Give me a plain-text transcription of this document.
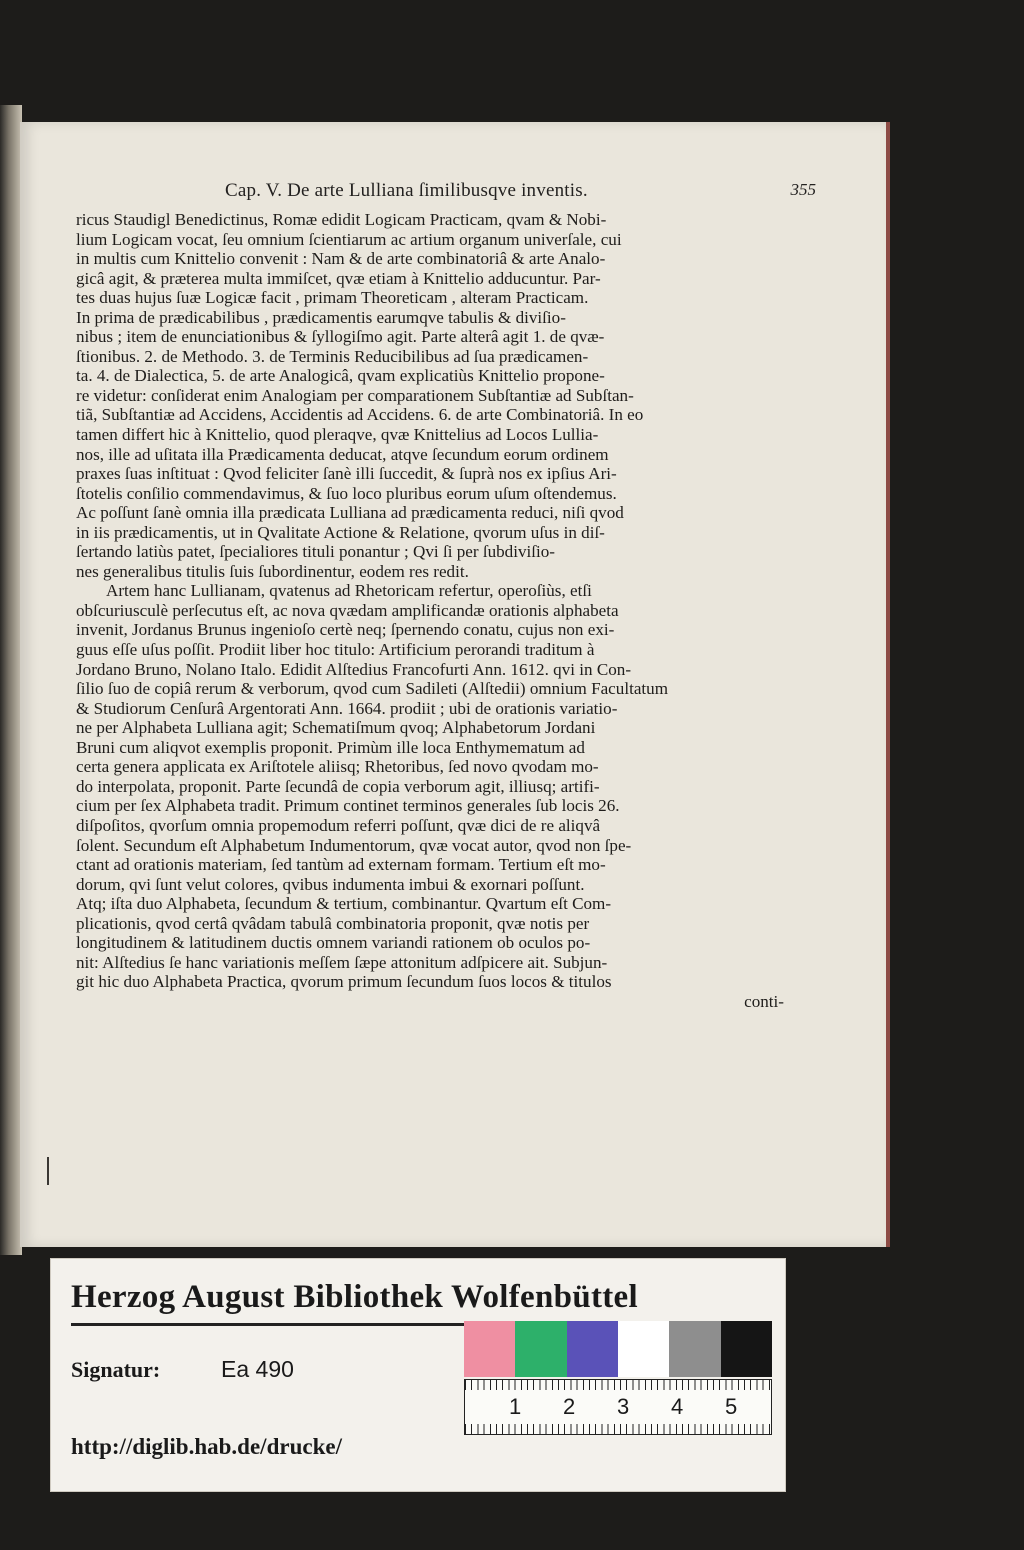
Cap. V. De arte Lulliana ſimilibusqve inventis.	355
ricus Staudigl Benedictinus, Romæ edidit Logicam Practicam, qvam & Nobi-
lium Logicam vocat, ſeu omnium ſcientiarum ac artium organum univerſale, cui
in multis cum Knittelio convenit : Nam & de arte combinatoriâ & arte Analo-
gicâ agit, & præterea multa immiſcet, qvæ etiam à Knittelio adducuntur. Par-
tes duas hujus ſuæ Logicæ facit , primam Theoreticam , alteram Practicam.
In prima de prædicabilibus , prædicamentis earumqve tabulis & diviſio-
nibus ; item de enunciationibus & ſyllogiſmo agit. Parte alterâ agit 1. de qvæ-
ſtionibus. 2. de Methodo. 3. de Terminis Reducibilibus ad ſua prædicamen-
ta. 4. de Dialectica, 5. de arte Analogicâ, qvam explicatiùs Knittelio propone-
re videtur: conſiderat enim Analogiam per comparationem Subſtantiæ ad Subſtan-
tiã, Subſtantiæ ad Accidens, Accidentis ad Accidens. 6. de arte Combinatoriâ. In eo
tamen differt hic à Knittelio, quod pleraqve, qvæ Knittelius ad Locos Lullia-
nos, ille ad uſitata illa Prædicamenta deducat, atqve ſecundum eorum ordinem
praxes ſuas inſtituat : Qvod feliciter ſanè illi ſuccedit, & ſuprà nos ex ipſius Ari-
ſtotelis conſilio commendavimus, & ſuo loco pluribus eorum uſum oſtendemus.
Ac poſſunt ſanè omnia illa prædicata Lulliana ad prædicamenta reduci, niſi qvod
in iis prædicamentis, ut in Qvalitate Actione & Relatione, qvorum uſus in diſ-
ſertando latiùs patet, ſpecialiores tituli ponantur ; Qvi ſi per ſubdiviſio-
nes generalibus titulis ſuis ſubordinentur, eodem res redit.
Artem hanc Lullianam, qvatenus ad Rhetoricam refertur, operoſiùs, etſi
obſcuriusculè perſecutus eſt, ac nova qvædam amplificandæ orationis alphabeta
invenit, Jordanus Brunus ingenioſo certè neq; ſpernendo conatu, cujus non exi-
guus eſſe uſus poſſit. Prodiit liber hoc titulo: Artificium perorandi traditum à
Jordano Bruno, Nolano Italo. Edidit Alſtedius Francofurti Ann. 1612. qvi in Con-
ſilio ſuo de copiâ rerum & verborum, qvod cum Sadileti (Alſtedii) omnium Facultatum
& Studiorum Cenſurâ Argentorati Ann. 1664. prodiit ; ubi de orationis variatio-
ne per Alphabeta Lulliana agit; Schematiſmum qvoq; Alphabetorum Jordani
Bruni cum aliqvot exemplis proponit. Primùm ille loca Enthymematum ad
certa genera applicata ex Ariſtotele aliisq; Rhetoribus, ſed novo qvodam mo-
do interpolata, proponit. Parte ſecundâ de copia verborum agit, illiusq; artifi-
cium per ſex Alphabeta tradit. Primum continet terminos generales ſub locis 26.
diſpoſitos, qvorſum omnia propemodum referri poſſunt, qvæ dici de re aliqvâ
ſolent. Secundum eſt Alphabetum Indumentorum, qvæ vocat autor, qvod non ſpe-
ctant ad orationis materiam, ſed tantùm ad externam formam. Tertium eſt mo-
dorum, qvi ſunt velut colores, qvibus indumenta imbui & exornari poſſunt.
Atq; iſta duo Alphabeta, ſecundum & tertium, combinantur. Qvartum eſt Com-
plicationis, qvod certâ qvâdam tabulâ combinatoria proponit, qvæ notis per
longitudinem & latitudinem ductis omnem variandi rationem ob oculos po-
nit: Alſtedius ſe hanc variationis meſſem ſæpe attonitum adſpicere ait. Subjun-
git hic duo Alphabeta Practica, qvorum primum ſecundum ſuos locos & titulos
conti-
Herzog August Bibliothek Wolfenbüttel
Signatur:	Ea 490
http://diglib.hab.de/drucke/
1 2 3 4 5
